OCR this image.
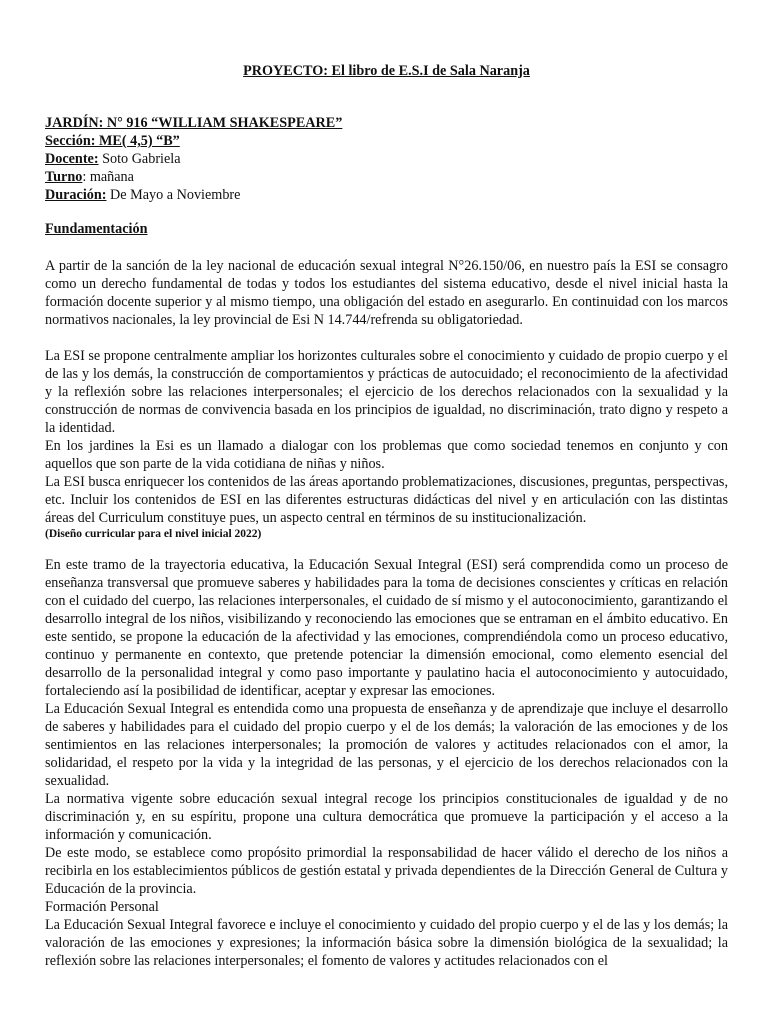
PROYECTO: El libro de E.S.I de Sala Naranja
JARDÍN: N° 916 “WILLIAM SHAKESPEARE”
Sección: ME( 4,5) “B”
Docente: Soto Gabriela
Turno: mañana
Duración: De Mayo a Noviembre
Fundamentación

A partir de la sanción de la ley nacional de educación sexual integral N°26.150/06, en nuestro país la ESI se consagro como un derecho fundamental de todas y todos los estudiantes del sistema educativo, desde el nivel inicial hasta la formación docente superior y al mismo tiempo, una obligación del estado en asegurarlo. En continuidad con los marcos normativos nacionales, la ley provincial de Esi N 14.744/refrenda su obligatoriedad.

La ESI se propone centralmente ampliar los horizontes culturales sobre el conocimiento y cuidado de propio cuerpo y el de las y los demás, la construcción de comportamientos y prácticas de autocuidado; el reconocimiento de la afectividad y la reflexión sobre las relaciones interpersonales; el ejercicio de los derechos relacionados con la sexualidad y la construcción de normas de convivencia basada en los principios de igualdad, no discriminación, trato digno y respeto a la identidad.

En los jardines la Esi es un llamado a dialogar con los problemas que como sociedad tenemos en conjunto y con aquellos que son parte de la vida cotidiana de niñas y niños.

La ESI busca enriquecer los contenidos de las áreas aportando problematizaciones, discusiones, preguntas, perspectivas, etc. Incluir los contenidos de ESI en las diferentes estructuras didácticas del nivel y en articulación con las distintas áreas del Curriculum constituye pues, un aspecto central en términos de su institucionalización.

(Diseño curricular para el nivel inicial 2022)

En este tramo de la trayectoria educativa, la Educación Sexual Integral (ESI) será comprendida como un proceso de enseñanza transversal que promueve saberes y habilidades para la toma de decisiones conscientes y críticas en relación con el cuidado del cuerpo, las relaciones interpersonales, el cuidado de sí mismo y el autoconocimiento, garantizando el desarrollo integral de los niños, visibilizando y reconociendo las emociones que se entraman en el ámbito educativo. En este sentido, se propone la educación de la afectividad y las emociones, comprendiéndola como un proceso educativo, continuo y permanente en contexto, que pretende potenciar la dimensión emocional, como elemento esencial del desarrollo de la personalidad integral y como paso importante y paulatino hacia el autoconocimiento y autocuidado, fortaleciendo así la posibilidad de identificar, aceptar y expresar las emociones.

La Educación Sexual Integral es entendida como una propuesta de enseñanza y de aprendizaje que incluye el desarrollo de saberes y habilidades para el cuidado del propio cuerpo y el de los demás; la valoración de las emociones y de los sentimientos en las relaciones interpersonales; la promoción de valores y actitudes relacionados con el amor, la solidaridad, el respeto por la vida y la integridad de las personas, y el ejercicio de los derechos relacionados con la sexualidad.

La normativa vigente sobre educación sexual integral recoge los principios constitucionales de igualdad y de no discriminación y, en su espíritu, propone una cultura democrática que promueve la participación y el acceso a la información y comunicación.

De este modo, se establece como propósito primordial la responsabilidad de hacer válido el derecho de los niños a recibirla en los establecimientos públicos de gestión estatal y privada dependientes de la Dirección General de Cultura y Educación de la provincia.

Formación Personal

La Educación Sexual Integral favorece e incluye el conocimiento y cuidado del propio cuerpo y el de las y los demás; la valoración de las emociones y expresiones; la información básica sobre la dimensión biológica de la sexualidad; la reflexión sobre las relaciones interpersonales; el fomento de valores y actitudes relacionados con el
